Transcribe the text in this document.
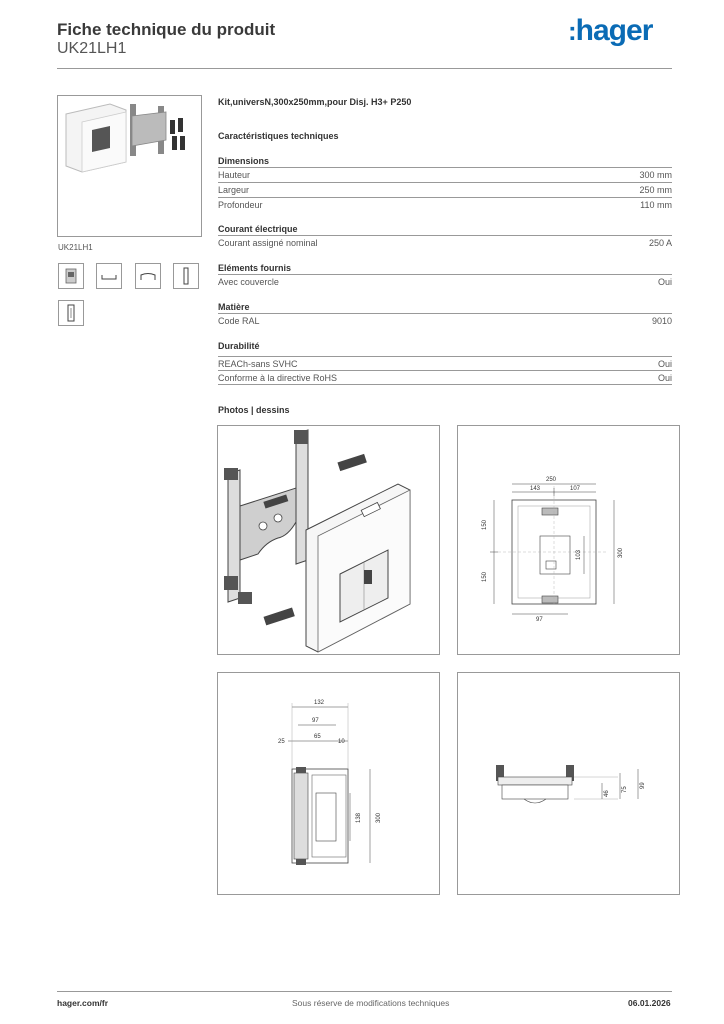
Fiche technique du produit
UK21LH1
:hager
UK21LH1
Kit,universN,300x250mm,pour Disj. H3+ P250
Caractéristiques techniques
Dimensions
Hauteur	300 mm
Largeur	250 mm
Profondeur	110 mm
Courant électrique
Courant assigné nominal	250 A
Eléments fournis
Avec couvercle	Oui
Matière
Code RAL	9010
Durabilité
REACh-sans SVHC	Oui
Conforme à la directive RoHS	Oui
Photos | dessins
250
143	107
150
150
103	300
97
132
97
25
65
10
138 300
46
75
99
hager.com/fr	Sous réserve de modifications techniques	06.01.2026
